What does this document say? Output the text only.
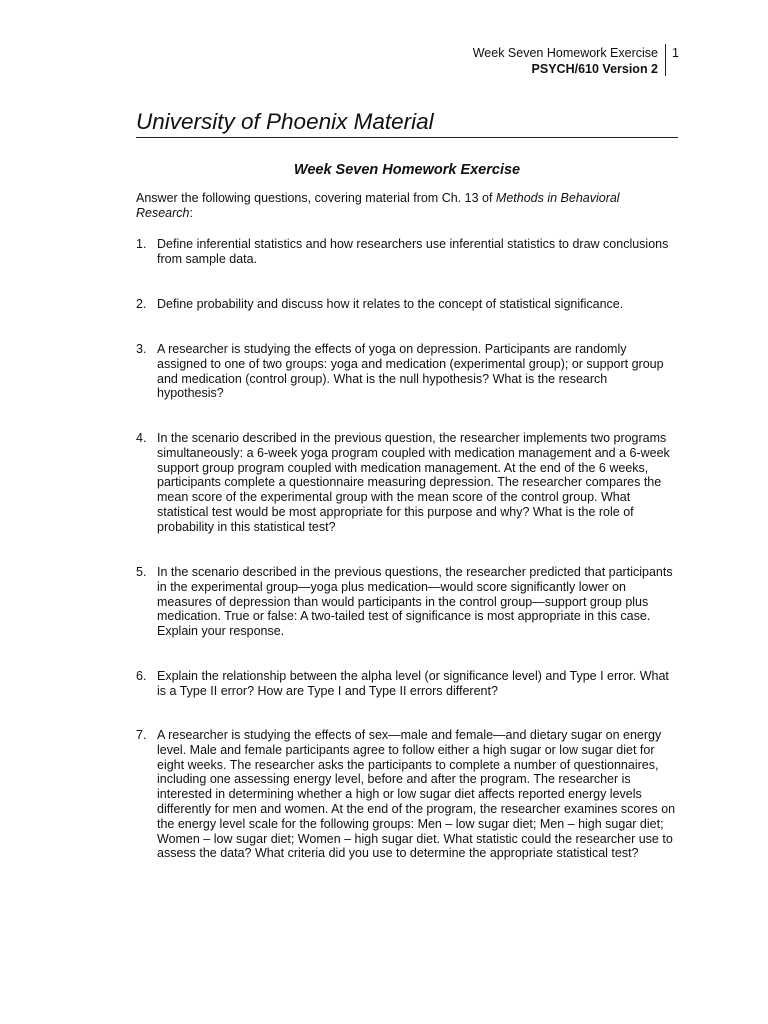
Week Seven Homework Exercise
PSYCH/610 Version 2
1
University of Phoenix Material
Week Seven Homework Exercise
Answer the following questions, covering material from Ch. 13 of Methods in Behavioral Research:
1. Define inferential statistics and how researchers use inferential statistics to draw conclusions from sample data.
2. Define probability and discuss how it relates to the concept of statistical significance.
3. A researcher is studying the effects of yoga on depression. Participants are randomly assigned to one of two groups: yoga and medication (experimental group); or support group and medication (control group). What is the null hypothesis? What is the research hypothesis?
4. In the scenario described in the previous question, the researcher implements two programs simultaneously: a 6-week yoga program coupled with medication management and a 6-week support group program coupled with medication management. At the end of the 6 weeks, participants complete a questionnaire measuring depression. The researcher compares the mean score of the experimental group with the mean score of the control group. What statistical test would be most appropriate for this purpose and why? What is the role of probability in this statistical test?
5. In the scenario described in the previous questions, the researcher predicted that participants in the experimental group—yoga plus medication—would score significantly lower on measures of depression than would participants in the control group—support group plus medication. True or false: A two-tailed test of significance is most appropriate in this case. Explain your response.
6. Explain the relationship between the alpha level (or significance level) and Type I error. What is a Type II error? How are Type I and Type II errors different?
7. A researcher is studying the effects of sex—male and female—and dietary sugar on energy level. Male and female participants agree to follow either a high sugar or low sugar diet for eight weeks. The researcher asks the participants to complete a number of questionnaires, including one assessing energy level, before and after the program. The researcher is interested in determining whether a high or low sugar diet affects reported energy levels differently for men and women. At the end of the program, the researcher examines scores on the energy level scale for the following groups: Men – low sugar diet; Men – high sugar diet; Women – low sugar diet; Women – high sugar diet. What statistic could the researcher use to assess the data? What criteria did you use to determine the appropriate statistical test?
